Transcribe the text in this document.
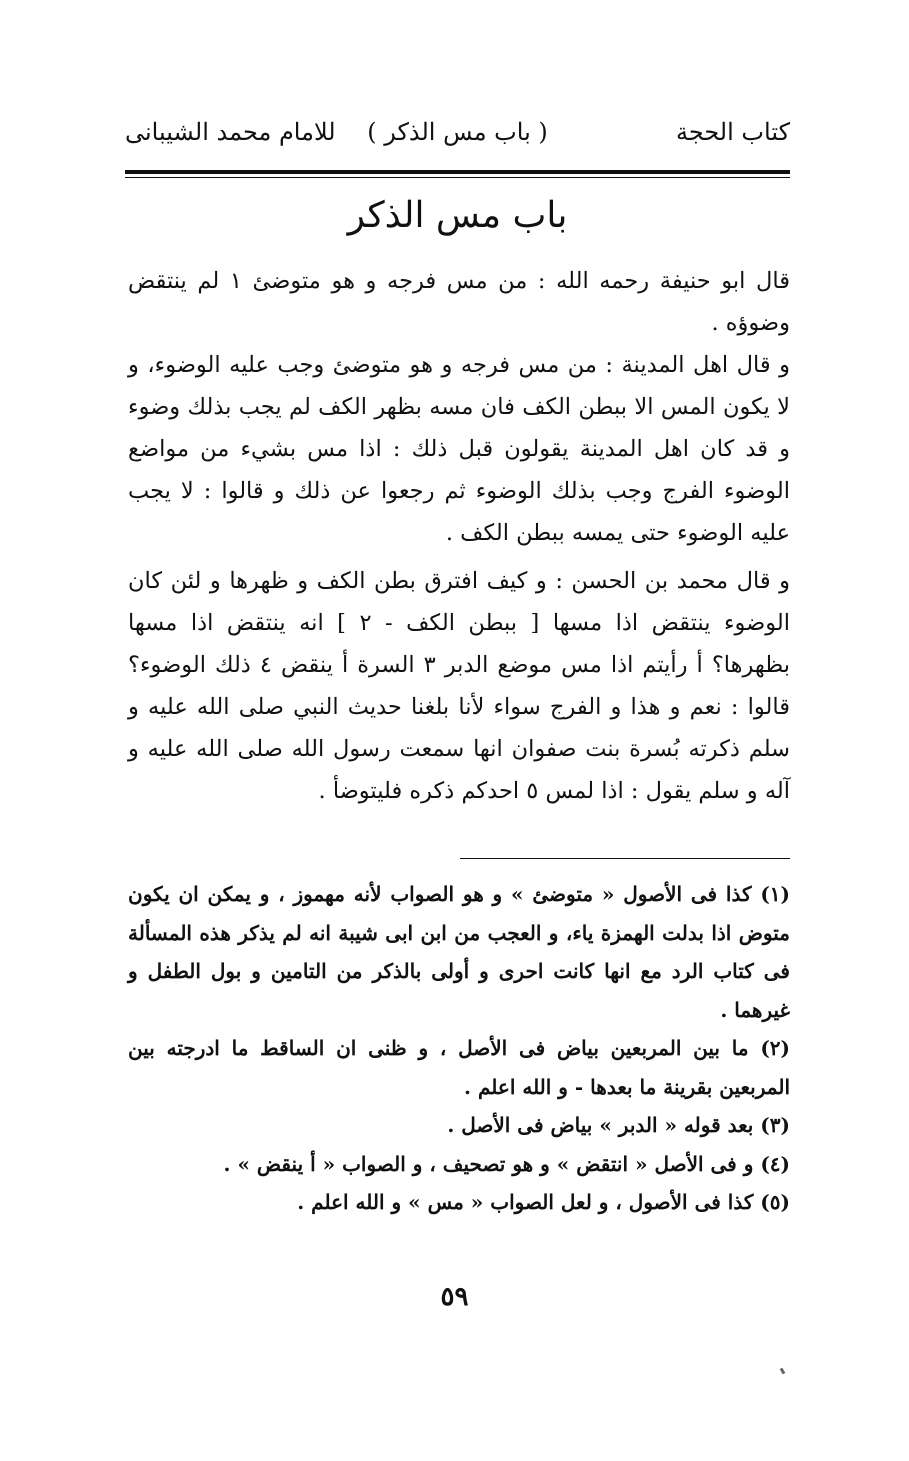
كتاب الحجة
( باب مس الذكر )
للامام محمد الشيبانى
باب مس الذكر

قال ابو حنيفة رحمه الله : من مس فرجه و هو متوضئ ١ لم ينتقض وضوؤه .

و قال اهل المدينة : من مس فرجه و هو متوضئ وجب عليه الوضوء، و لا يكون المس الا ببطن الكف فان مسه بظهر الكف لم يجب بذلك وضوء و قد كان اهل المدينة يقولون قبل ذلك : اذا مس بشيء من مواضع الوضوء الفرج وجب بذلك الوضوء ثم رجعوا عن ذلك و قالوا : لا يجب عليه الوضوء حتى يمسه ببطن الكف .

و قال محمد بن الحسن : و كيف افترق بطن الكف و ظهرها و لئن كان الوضوء ينتقض اذا مسها [ ببطن الكف - ٢ ] انه ينتقض اذا مسها بظهرها؟ أ رأيتم اذا مس موضع الدبر ٣ السرة أ ينقض ٤ ذلك الوضوء؟ قالوا : نعم و هذا و الفرج سواء لأنا بلغنا حديث النبي صلى الله عليه و سلم ذكرته بُسرة بنت صفوان انها سمعت رسول الله صلى الله عليه و آله و سلم يقول : اذا لمس ٥ احدكم ذكره فليتوضأ .

(١) كذا فى الأصول « متوضئ » و هو الصواب لأنه مهموز ، و يمكن ان يكون متوض اذا بدلت الهمزة ياء، و العجب من ابن ابى شيبة انه لم يذكر هذه المسألة فى كتاب الرد مع انها كانت احرى و أولى بالذكر من التامين و بول الطفل و غيرهما .

(٢) ما بين المربعين بياض فى الأصل ، و ظنى ان الساقط ما ادرجته بين المربعين بقرينة ما بعدها - و الله اعلم .

(٣) بعد قوله « الدبر » بياض فى الأصل .

(٤) و فى الأصل « انتقض » و هو تصحيف ، و الصواب « أ ينقض » .

(٥) كذا فى الأصول ، و لعل الصواب « مس » و الله اعلم .

٥٩
